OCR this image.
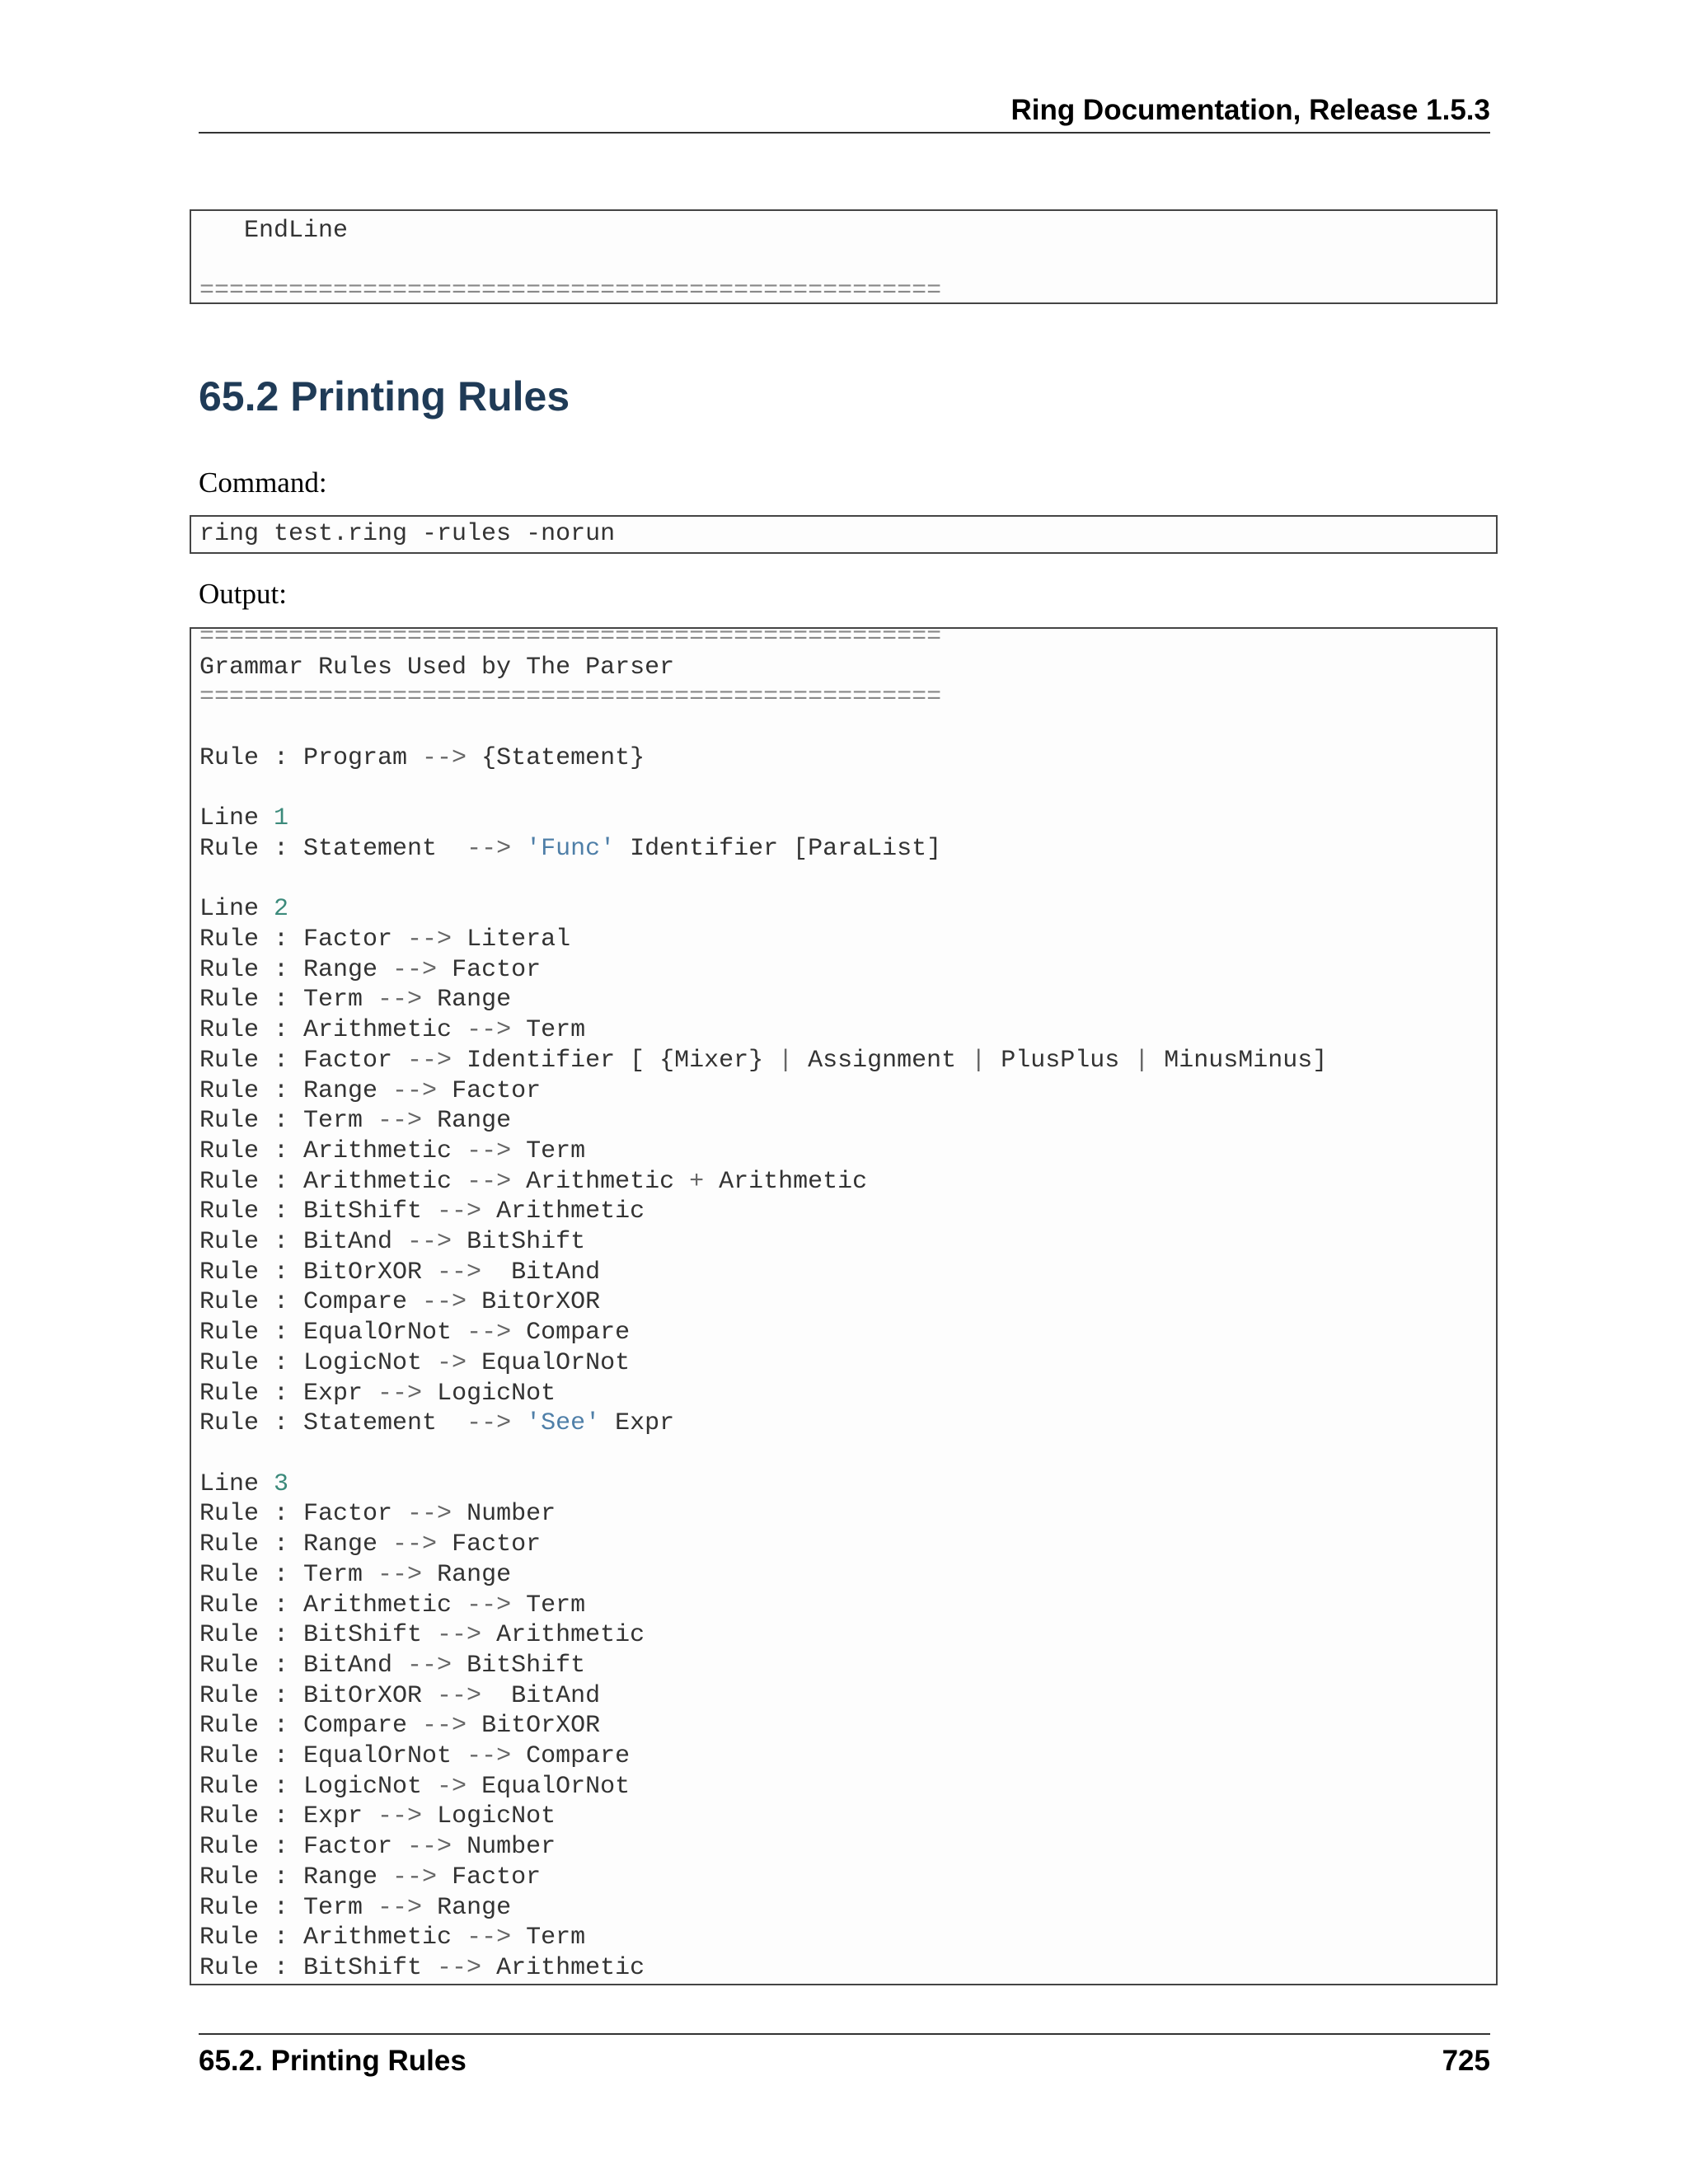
Ring Documentation, Release 1.5.3
EndLine

==================================================
65.2 Printing Rules
Command:
ring test.ring -rules -norun
Output:
==================================================
Grammar Rules Used by The Parser
==================================================

Rule : Program --> {Statement}

Line 1
Rule : Statement  --> 'Func' Identifier [ParaList]

Line 2
Rule : Factor --> Literal
Rule : Range --> Factor
Rule : Term --> Range
Rule : Arithmetic --> Term
Rule : Factor --> Identifier [ {Mixer} | Assignment | PlusPlus | MinusMinus]
Rule : Range --> Factor
Rule : Term --> Range
Rule : Arithmetic --> Term
Rule : Arithmetic --> Arithmetic + Arithmetic
Rule : BitShift --> Arithmetic
Rule : BitAnd --> BitShift
Rule : BitOrXOR -->  BitAnd
Rule : Compare --> BitOrXOR
Rule : EqualOrNot --> Compare
Rule : LogicNot -> EqualOrNot
Rule : Expr --> LogicNot
Rule : Statement  --> 'See' Expr

Line 3
Rule : Factor --> Number
Rule : Range --> Factor
Rule : Term --> Range
Rule : Arithmetic --> Term
Rule : BitShift --> Arithmetic
Rule : BitAnd --> BitShift
Rule : BitOrXOR -->  BitAnd
Rule : Compare --> BitOrXOR
Rule : EqualOrNot --> Compare
Rule : LogicNot -> EqualOrNot
Rule : Expr --> LogicNot
Rule : Factor --> Number
Rule : Range --> Factor
Rule : Term --> Range
Rule : Arithmetic --> Term
Rule : BitShift --> Arithmetic
65.2. Printing Rules	725
